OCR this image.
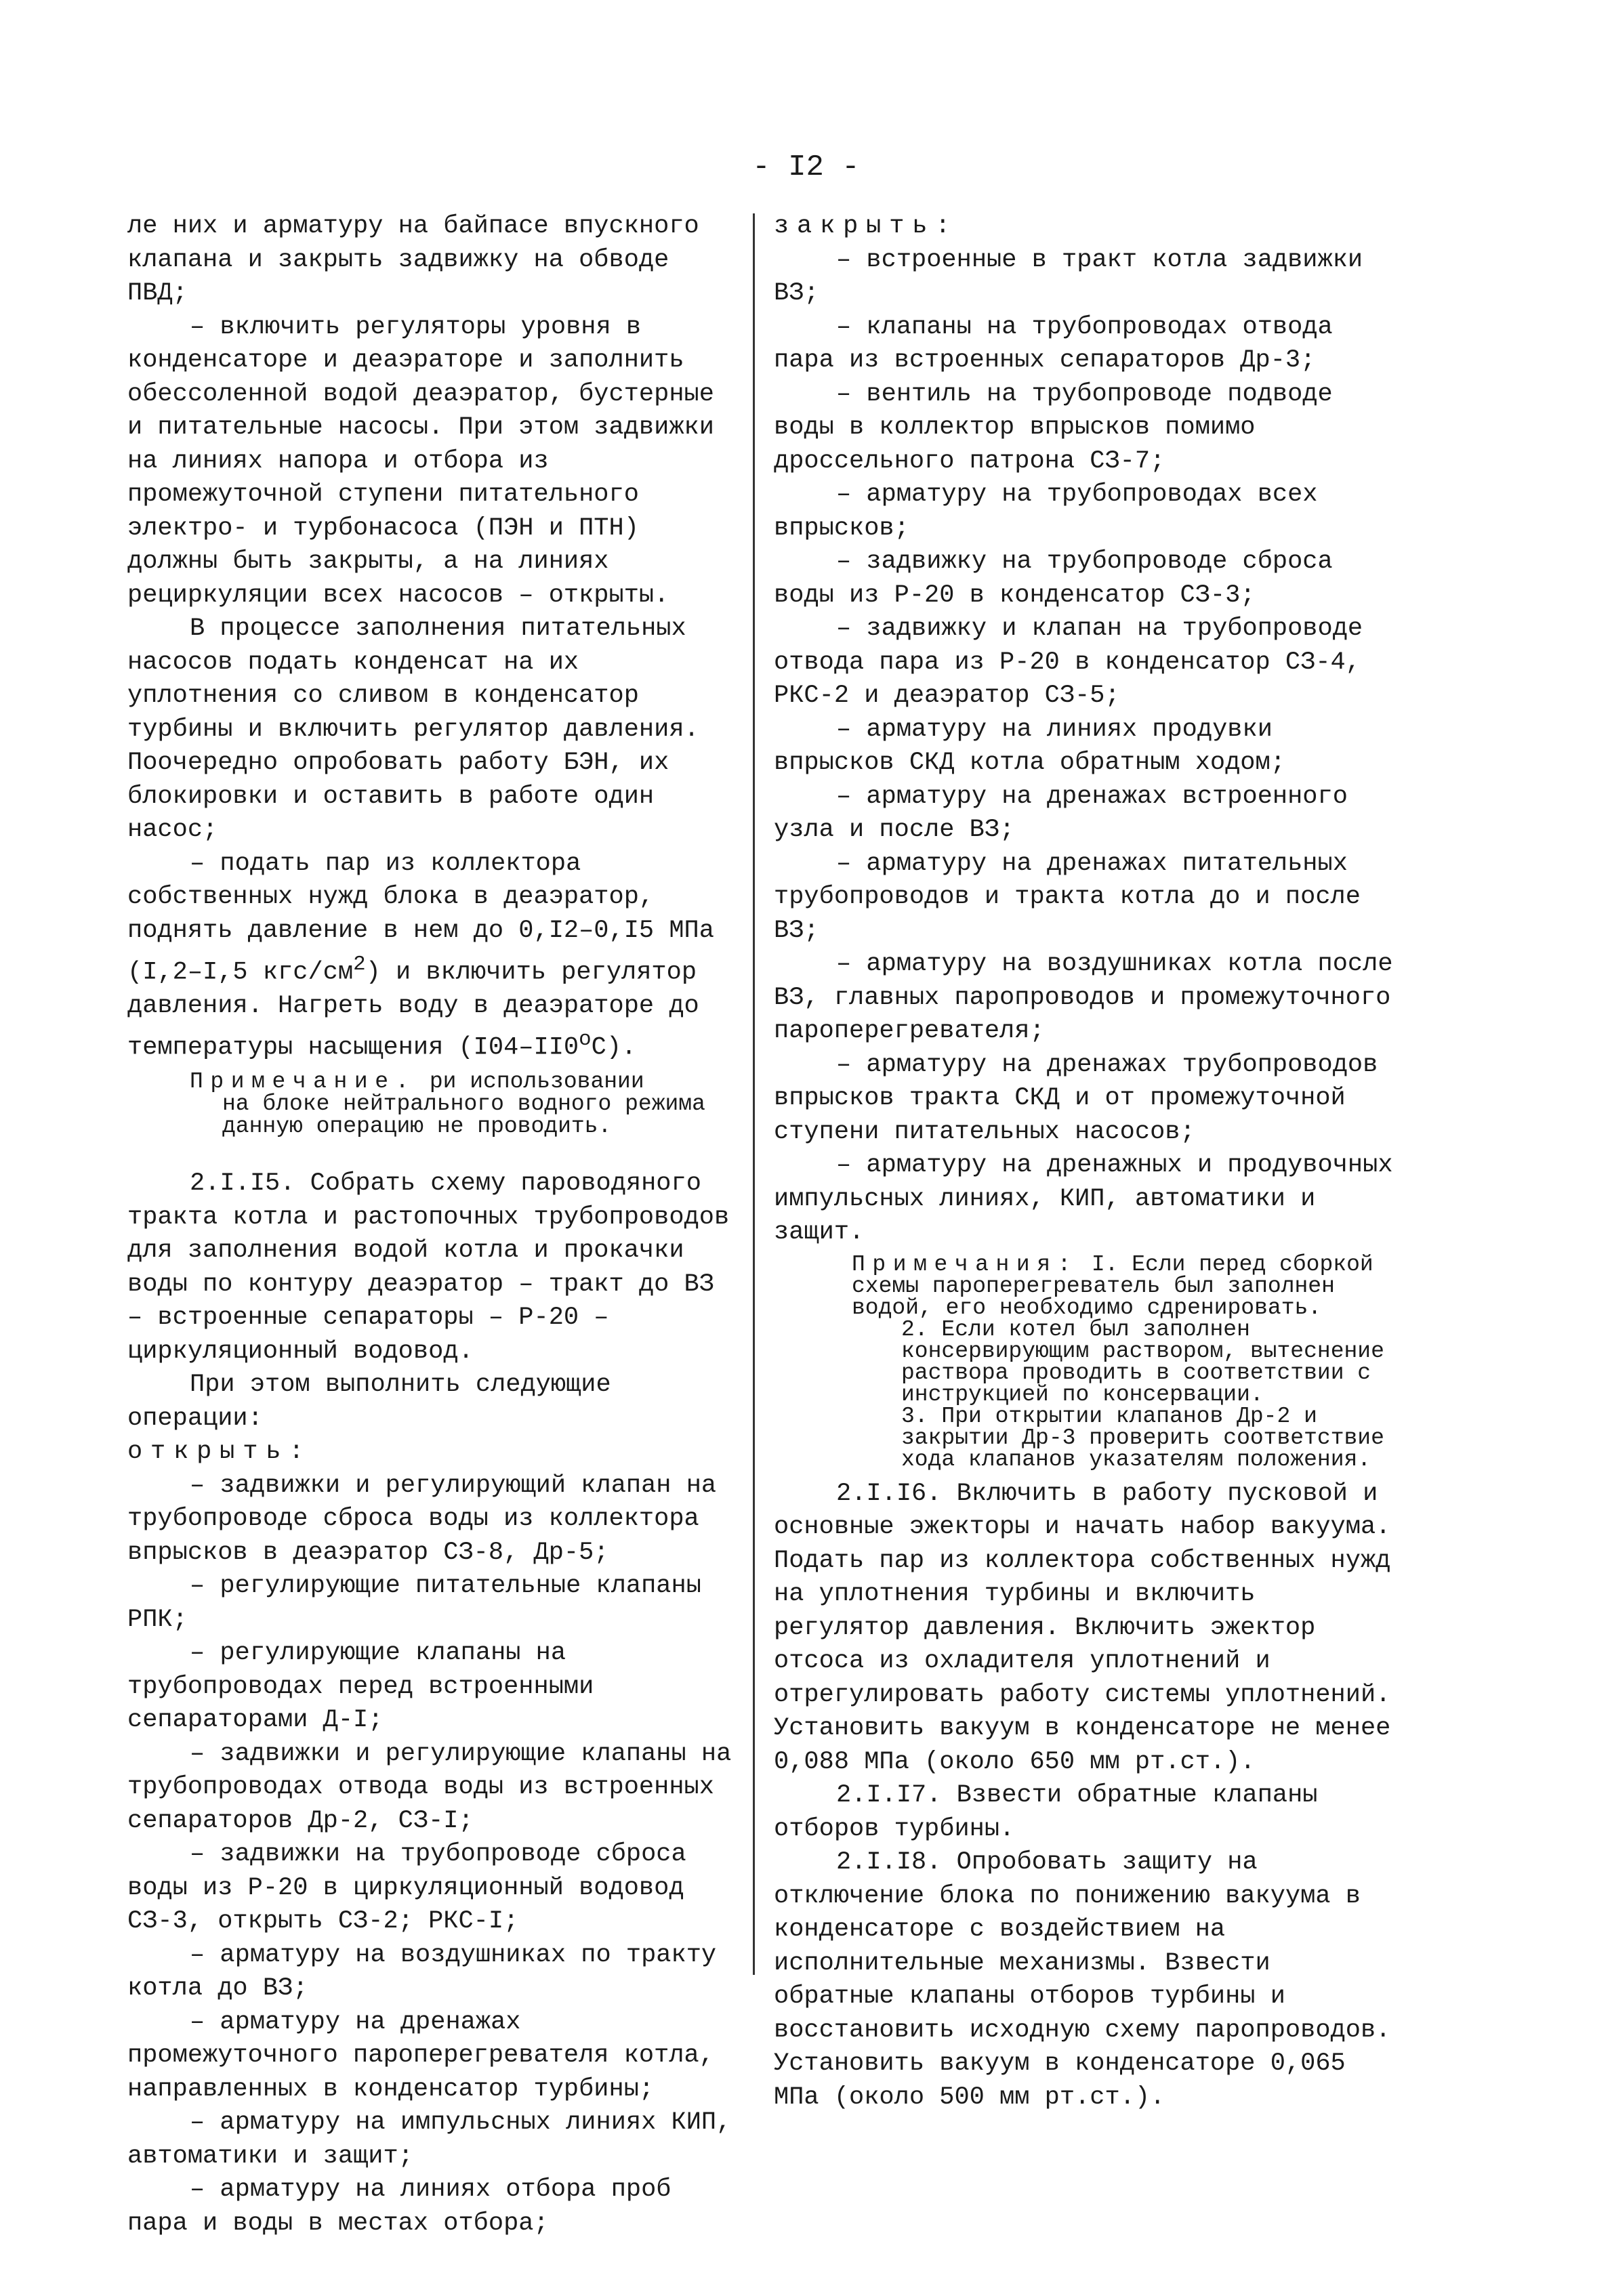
- I2 -

ле них и арматуру на байпасе впускного клапана и закрыть задвижку на обводе ПВД;

– включить регуляторы уровня в конденсаторе и деаэраторе и заполнить обессоленной водой деаэратор, бустерные и питательные насосы. При этом задвижки на линиях напора и отбора из промежуточной ступени питательного электро- и турбонасоса (ПЭН и ПТН) должны быть закрыты, а на линиях рециркуляции всех насосов – открыты.

В процессе заполнения питательных насосов подать конденсат на их уплотнения со сливом в конденсатор турбины и включить регулятор давления. Поочередно опробовать работу БЭН, их блокировки и оставить в работе один насос;

– подать пар из коллектора собственных нужд блока в деаэратор, поднять давление в нем до 0,I2–0,I5 МПа (I,2–I,5 кгс/$см^2$) и включить регулятор давления. Нагреть воду в деаэраторе до температуры насыщения $(I04-II0^оС)$.

Примечание. ри использовании
на блоке нейтрального водного режима данную операцию не проводить.

2.I.I5. Собрать схему пароводяного тракта котла и растопочных трубопроводов для заполнения водой котла и прокачки воды по контуру деаэратор – тракт до ВЗ – встроенные сепараторы – Р-20 – циркуляционный водовод.

При этом выполнить следующие операции:

открыть:

– задвижки и регулирующий клапан на трубопроводе сброса воды из коллектора впрысков в деаэратор СЗ-8, Др-5;

– регулирующие питательные клапаны РПК;

– регулирующие клапаны на трубопроводах перед встроенными сепараторами Д-I;

– задвижки и регулирующие клапаны на трубопроводах отвода воды из встроенных сепараторов Др-2, СЗ-I;

– задвижки на трубопроводе сброса воды из Р-20 в циркуляционный водовод СЗ-3, открыть СЗ-2; РКС-I;

– арматуру на воздушниках по тракту котла до ВЗ;

– арматуру на дренажах промежуточного пароперегревателя котла, направленных в конденсатор турбины;

– арматуру на импульсных линиях КИП, автоматики и защит;

– арматуру на линиях отбора проб пара и воды в местах отбора;

закрыть:

– встроенные в тракт котла задвижки ВЗ;

– клапаны на трубопроводах отвода пара из встроенных сепараторов Др-3;

– вентиль на трубопроводе подводе воды в коллектор впрысков помимо дроссельного патрона СЗ-7;

– арматуру на трубопроводах всех впрысков;

– задвижку на трубопроводе сброса воды из Р-20 в конденсатор СЗ-3;

– задвижку и клапан на трубопроводе отвода пара из Р-20 в конденсатор СЗ-4, РКС-2 и деаэратор СЗ-5;

– арматуру на линиях продувки впрысков СКД котла обратным ходом;

– арматуру на дренажах встроенного узла и после ВЗ;

– арматуру на дренажах питательных трубопроводов и тракта котла до и после ВЗ;

– арматуру на воздушниках котла после ВЗ, главных паропроводов и промежуточного пароперегревателя;

– арматуру на дренажах трубопроводов впрысков тракта СКД и от промежуточной ступени питательных насосов;

– арматуру на дренажных и продувочных импульсных линиях, КИП, автоматики и защит.

Примечания: I. Если перед сборкой схемы пароперегреватель был заполнен водой, его необходимо сдренировать.
2. Если котел был заполнен консервирующим раствором, вытеснение раствора проводить в соответствии с инструкцией по консервации.
3. При открытии клапанов Др-2 и закрытии Др-3 проверить соответствие хода клапанов указателям положения.

2.I.I6. Включить в работу пусковой и основные эжекторы и начать набор вакуума. Подать пар из коллектора собственных нужд на уплотнения турбины и включить регулятор давления. Включить эжектор отсоса из охладителя уплотнений и отрегулировать работу системы уплотнений. Установить вакуум в конденсаторе не менее 0,088 МПа (около 650 мм рт.ст.).

2.I.I7. Взвести обратные клапаны отборов турбины.

2.I.I8. Опробовать защиту на отключение блока по понижению вакуума в конденсаторе с воздействием на исполнительные механизмы. Взвести обратные клапаны отборов турбины и восстановить исходную схему паропроводов. Установить вакуум в конденсаторе 0,065 МПа (около 500 мм рт.ст.).
